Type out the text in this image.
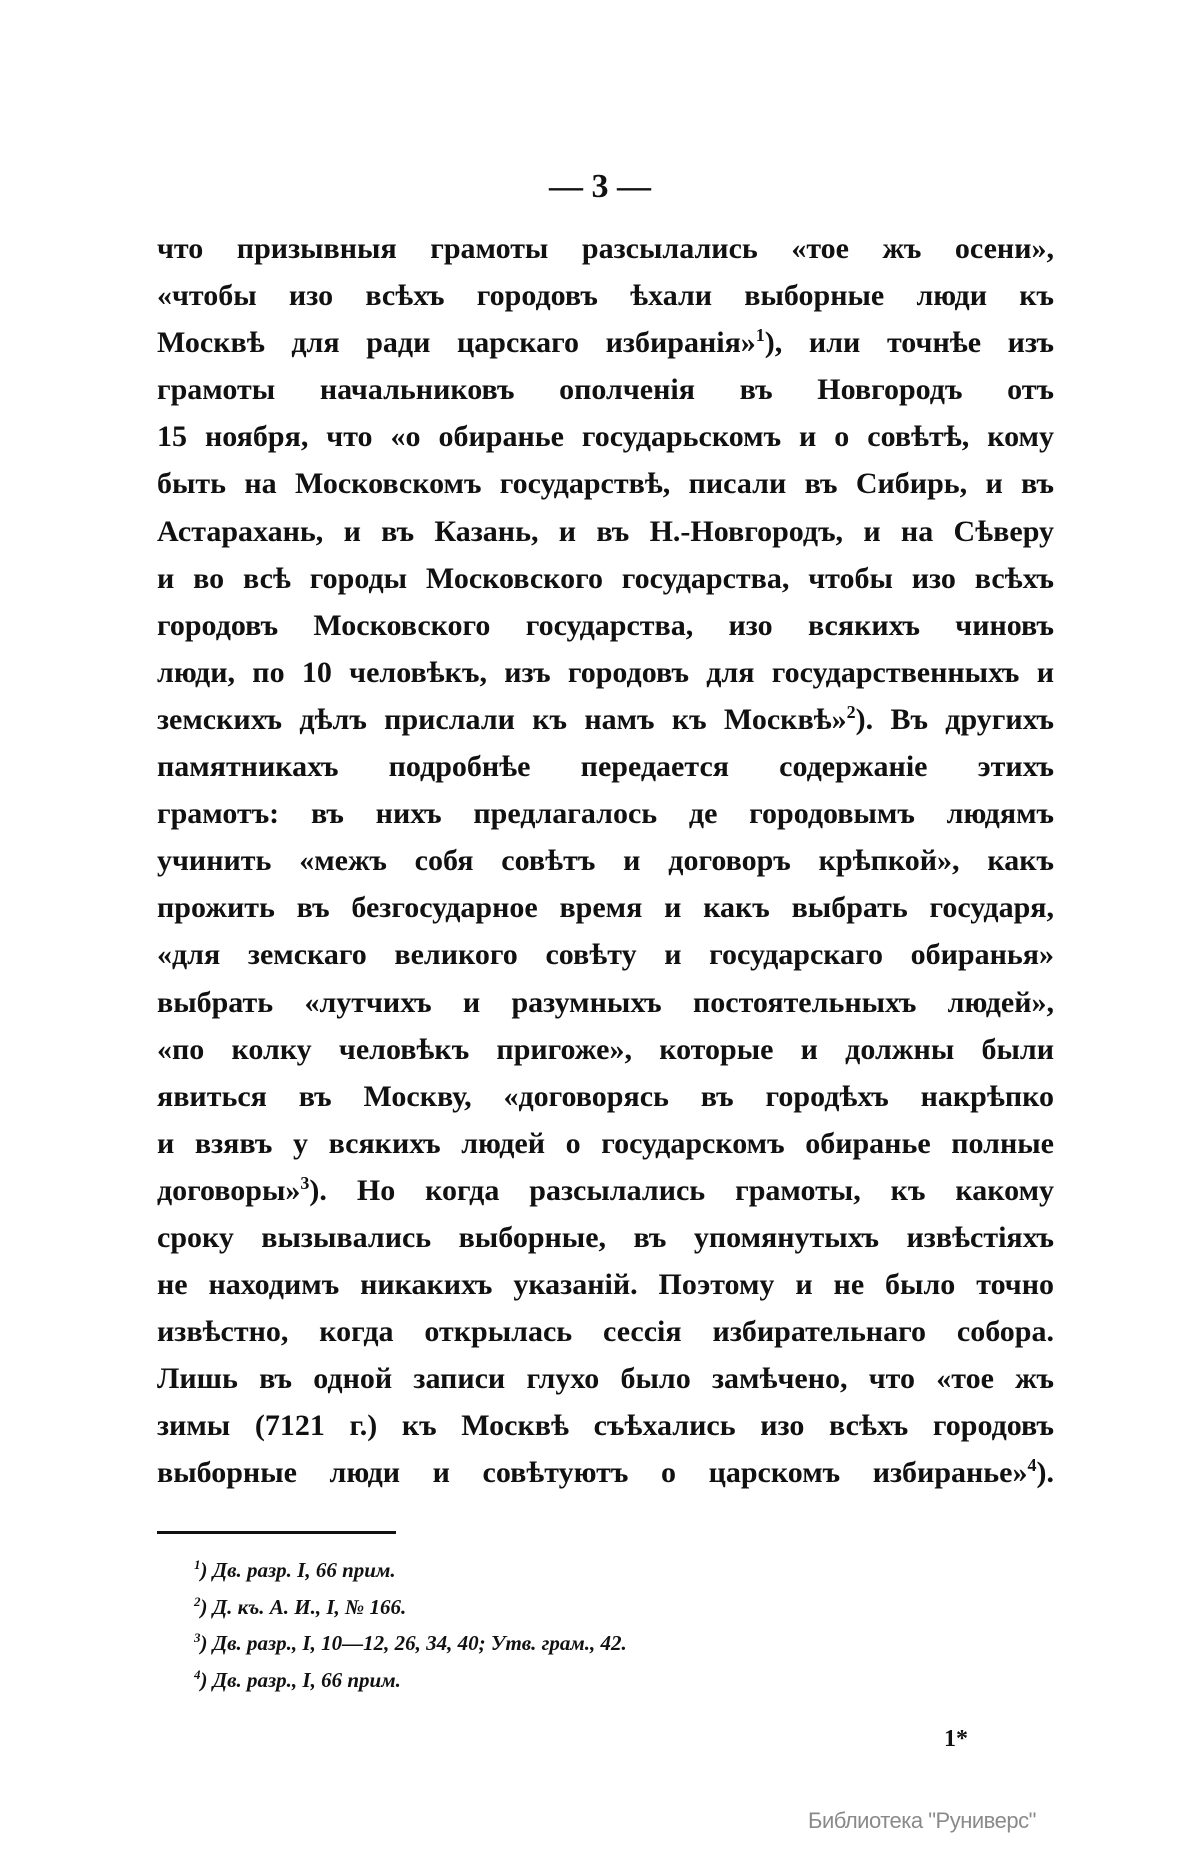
— 3 —
что призывныя грамоты разсылались «тое жъ осени»,
«чтобы изо всѣхъ городовъ ѣхали выборные люди къ
Москвѣ для ради царскаго избиранія»$^1$), или точнѣе изъ
грамоты начальниковъ ополченія въ Новгородъ отъ
15 ноября, что «о обиранье государьскомъ и о совѣтѣ, кому
быть на Московскомъ государствѣ, писали въ Сибирь, и въ
Астарахань, и въ Казань, и въ Н.-Новгородъ, и на Сѣверу
и во всѣ городы Московского государства, чтобы изо всѣхъ
городовъ Московского государства, изо всякихъ чиновъ
люди, по 10 человѣкъ, изъ городовъ для государственныхъ и
земскихъ дѣлъ прислали къ намъ къ Москвѣ»$^2$). Въ другихъ
памятникахъ подробнѣе передается содержаніе этихъ
грамотъ: въ нихъ предлагалось де городовымъ людямъ
учинить «межъ собя совѣтъ и договоръ крѣпкой», какъ
прожить въ безгосударное время и какъ выбрать государя,
«для земскаго великого совѣту и государскаго обиранья»
выбрать «лутчихъ и разумныхъ постоятельныхъ людей»,
«по колку человѣкъ пригоже», которые и должны были
явиться въ Москву, «договорясь въ городѣхъ накрѣпко
и взявъ у всякихъ людей о государскомъ обиранье полные
договоры»$^3$). Но когда разсылались грамоты, къ какому
сроку вызывались выборные, въ упомянутыхъ извѣстіяхъ
не находимъ никакихъ указаній. Поэтому и не было точно
извѣстно, когда открылась сессія избирательнаго собора.
Лишь въ одной записи глухо было замѣчено, что «тое жъ
зимы (7121 г.) къ Москвѣ съѣхались изо всѣхъ городовъ
выборные люди и совѣтуютъ о царскомъ избиранье»$^4$).
$^1$) Дв. разр. I, 66 прим.
$^2$) Д. къ. А. И., I, № 166.
$^3$) Дв. разр., I, 10—12, 26, 34, 40; Утв. грам., 42.
$^4$) Дв. разр., I, 66 прим.
1*
Библиотека "Руниверс"
